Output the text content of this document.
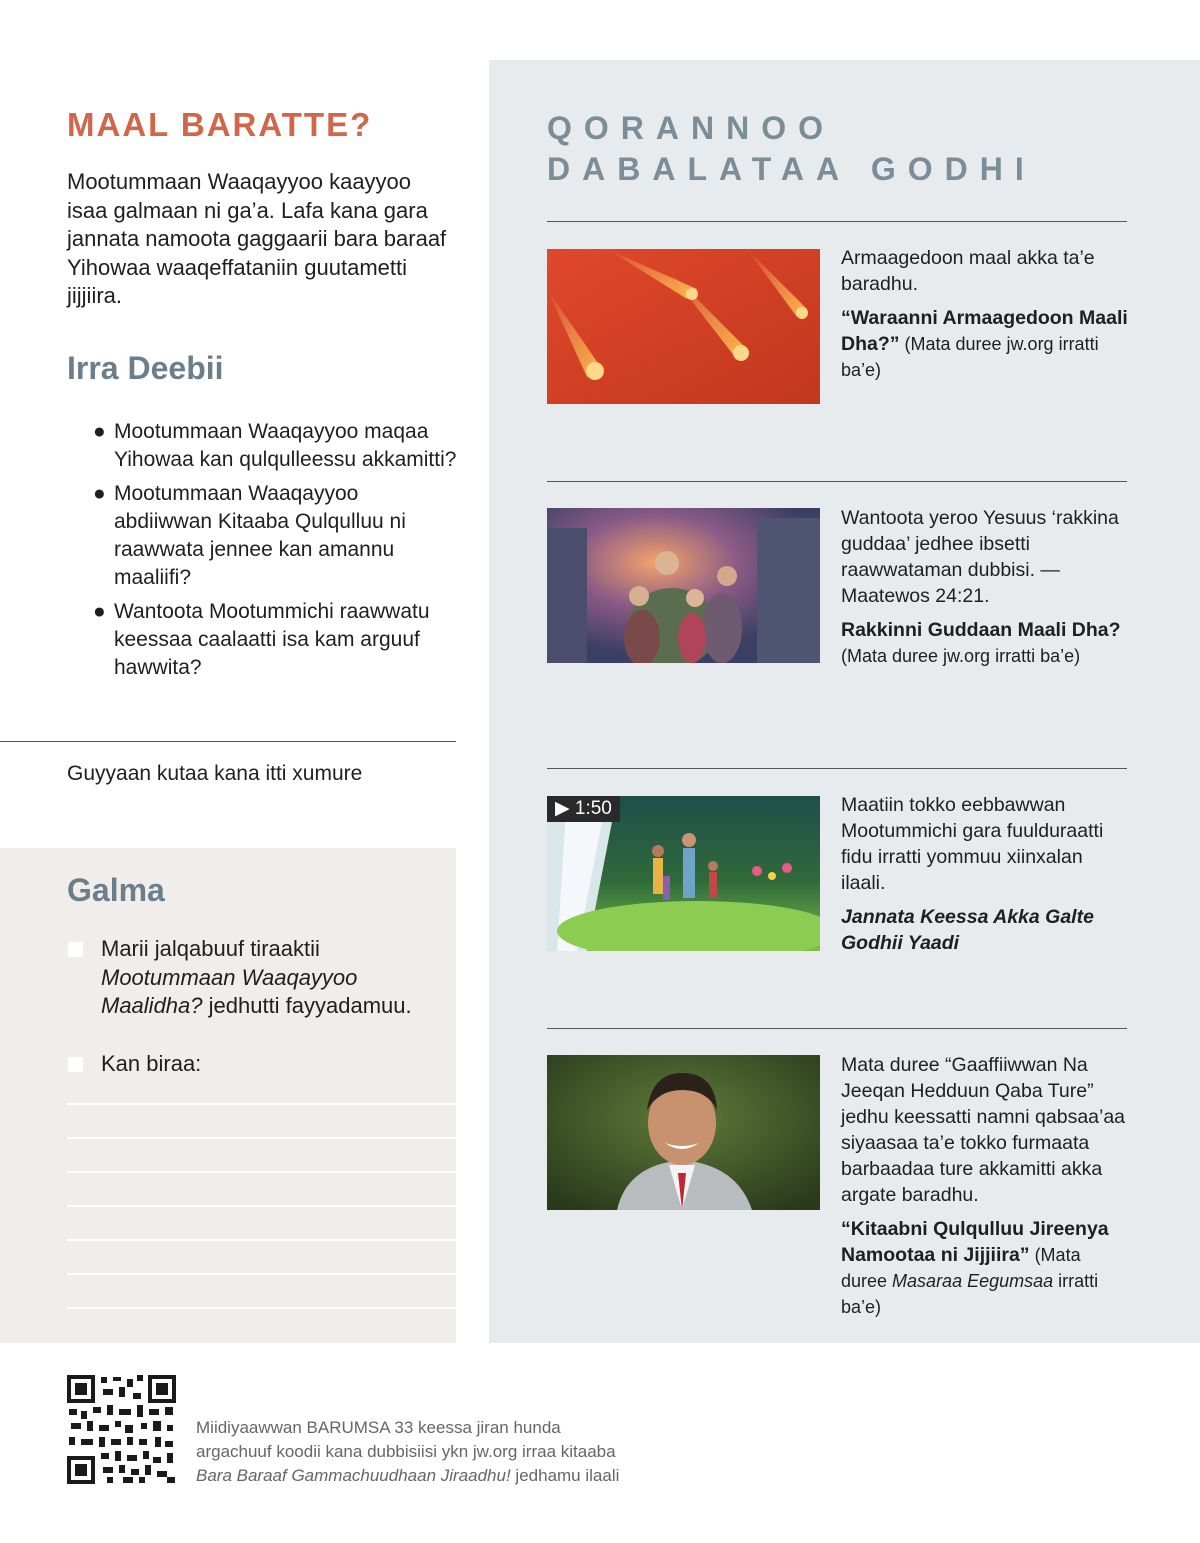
MAAL BARATTE?

Mootummaan Waaqayyoo kaayyoo isaa galmaan ni ga’a. Lafa kana gara jannata namoota gaggaarii bara baraaf Yihowaa waaqeffataniin guutametti jijjiira.

Irra Deebii
● Mootummaan Waaqayyoo maqaa Yihowaa kan qulqulleessu akkamitti?
● Mootummaan Waaqayyoo abdiiwwan Kitaaba Qulqulluu ni raawwata jennee kan amannu maaliifi?
● Wantoota Mootummichi raawwatu keessaa caalaatti isa kam arguuf hawwita?

Guyyaan kutaa kana itti xumure

Galma

Marii jalqabuuf tiraaktii Mootummaan Waaqayyoo Maalidha? jedhutti fayyadamuu.

Kan biraa:

QORANNOO
DABALATAA GODHI

Armaagedoon maal akka ta’e baradhu.

“Waraanni Armaagedoon Maali Dha?” (Mata duree jw.org irratti ba’e)

Wantoota yeroo Yesuus ‘rakkina guddaa’ jedhee ibsetti raawwataman dubbisi. —Maatewos 24:21.

Rakkinni Guddaan Maali Dha?
(Mata duree jw.org irratti ba’e)

▶ 1:50	Maatiin tokko eebbawwan Mootummichi gara fuulduraatti fidu irratti yommuu xiinxalan ilaali.

Jannata Keessa Akka Galte Godhii Yaadi

Mata duree “Gaaffiiwwan Na Jeeqan Hedduun Qaba Ture” jedhu keessatti namni qabsaa’aa siyaasaa ta’e tokko furmaata barbaadaa ture akkamitti akka argate baradhu.

“Kitaabni Qulqulluu Jireenya Namootaa ni Jijjiira” (Mata duree Masaraa Eegumsaa irratti ba’e)

Miidiyaawwan BARUMSA 33 keessa jiran hunda
argachuuf koodii kana dubbisiisi ykn jw.org irraa kitaaba
Bara Baraaf Gammachuudhaan Jiraadhu! jedhamu ilaali
